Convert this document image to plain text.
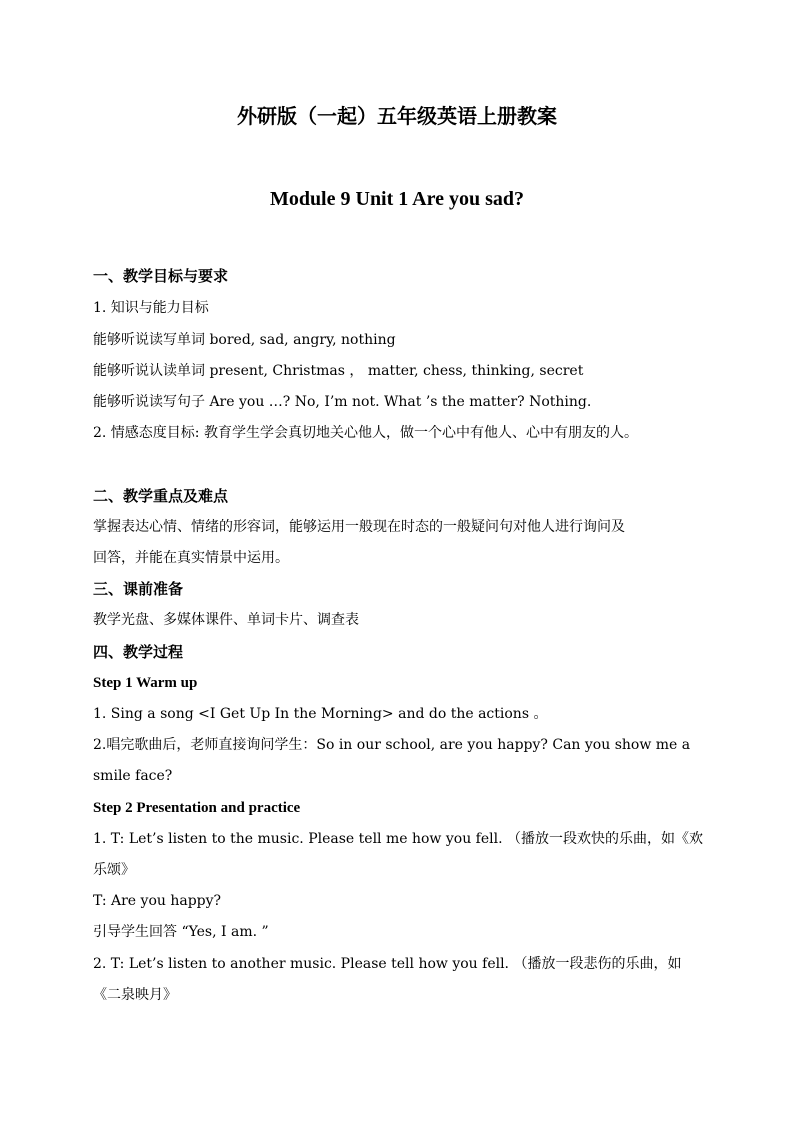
外研版（一起）五年级英语上册教案
Module 9 Unit 1 Are you sad?
一、教学目标与要求
1. 知识与能力目标
能够听说读写单词 bored, sad, angry, nothing
能够听说认读单词 present, Christmas ， matter, chess, thinking, secret
能够听说读写句子 Are you …? No, I’m not. What ’s the matter? Nothing.
2. 情感态度目标: 教育学生学会真切地关心他人，做一个心中有他人、心中有朋友的人。
二、教学重点及难点
掌握表达心情、情绪的形容词，能够运用一般现在时态的一般疑问句对他人进行询问及
回答，并能在真实情景中运用。
三、课前准备
教学光盘、多媒体课件、单词卡片、调查表
四、教学过程
Step 1 Warm up
1. Sing a song <I Get Up In the Morning> and do the actions 。
2.唱完歌曲后，老师直接询问学生：So in our school, are you happy? Can you show me a
smile face?
Step 2 Presentation and practice
1. T: Let’s listen to the music. Please tell me how you fell. （播放一段欢快的乐曲，如《欢
乐颂》
T: Are you happy?
引导学生回答 “Yes, I am. ”
2. T: Let’s listen to another music. Please tell how you fell. （播放一段悲伤的乐曲，如
《二泉映月》
